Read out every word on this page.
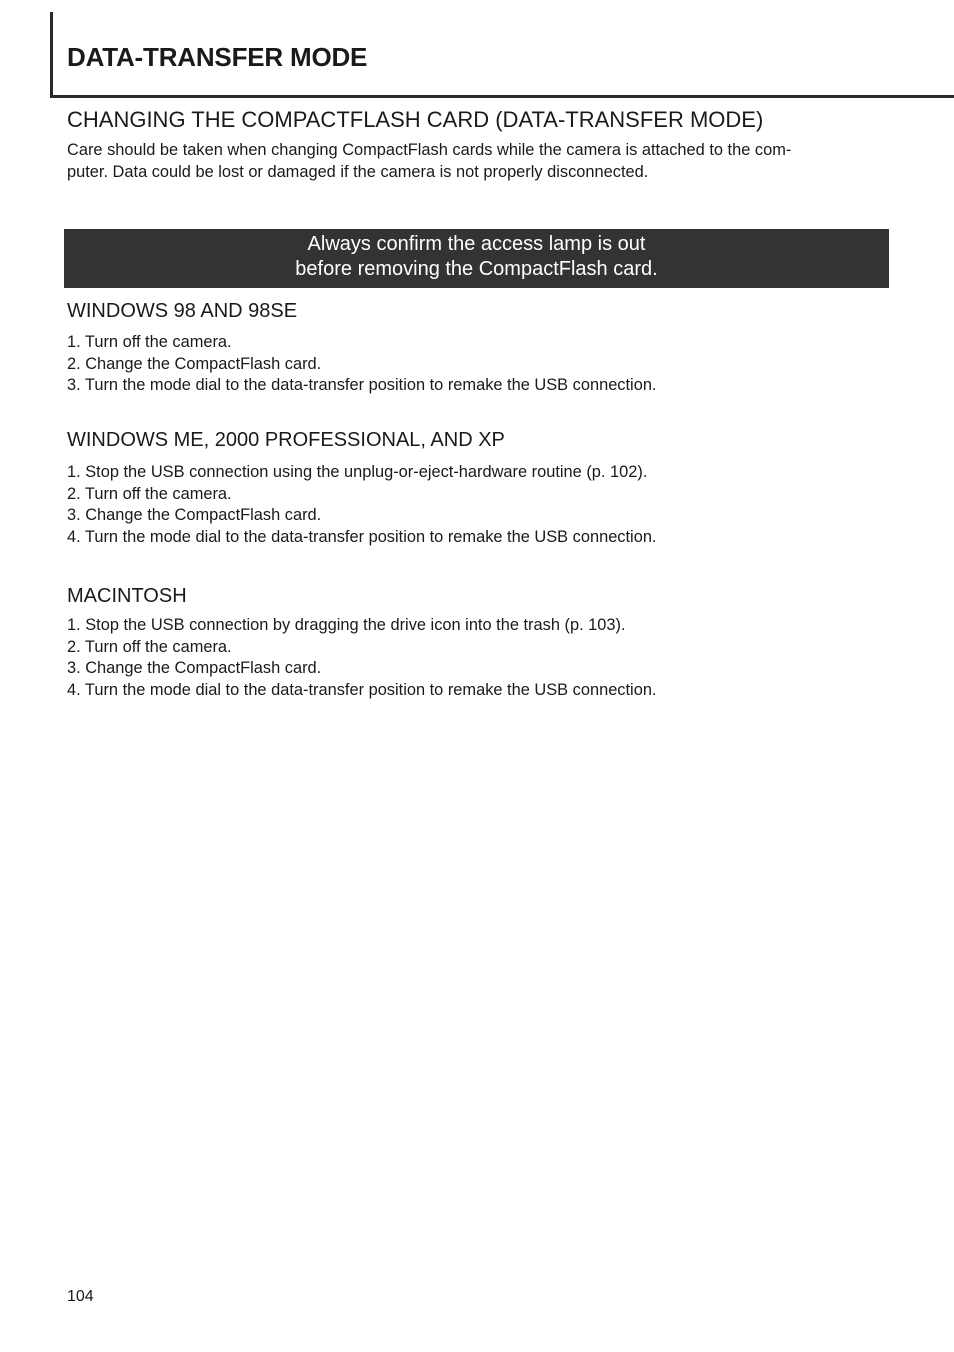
DATA-TRANSFER MODE
CHANGING THE COMPACTFLASH CARD (DATA-TRANSFER MODE)

Care should be taken when changing CompactFlash cards while the camera is attached to the com-
puter. Data could be lost or damaged if the camera is not properly disconnected.

Always confirm the access lamp is out
before removing the CompactFlash card.
WINDOWS 98 AND 98SE
1. Turn off the camera.
2. Change the CompactFlash card.
3. Turn the mode dial to the data-transfer position to remake the USB connection.
WINDOWS ME, 2000 PROFESSIONAL, AND XP
1. Stop the USB connection using the unplug-or-eject-hardware routine (p. 102).
2. Turn off the camera.
3. Change the CompactFlash card.
4. Turn the mode dial to the data-transfer position to remake the USB connection.
MACINTOSH
1. Stop the USB connection by dragging the drive icon into the trash (p. 103).
2. Turn off the camera.
3. Change the CompactFlash card.
4. Turn the mode dial to the data-transfer position to remake the USB connection.
104
